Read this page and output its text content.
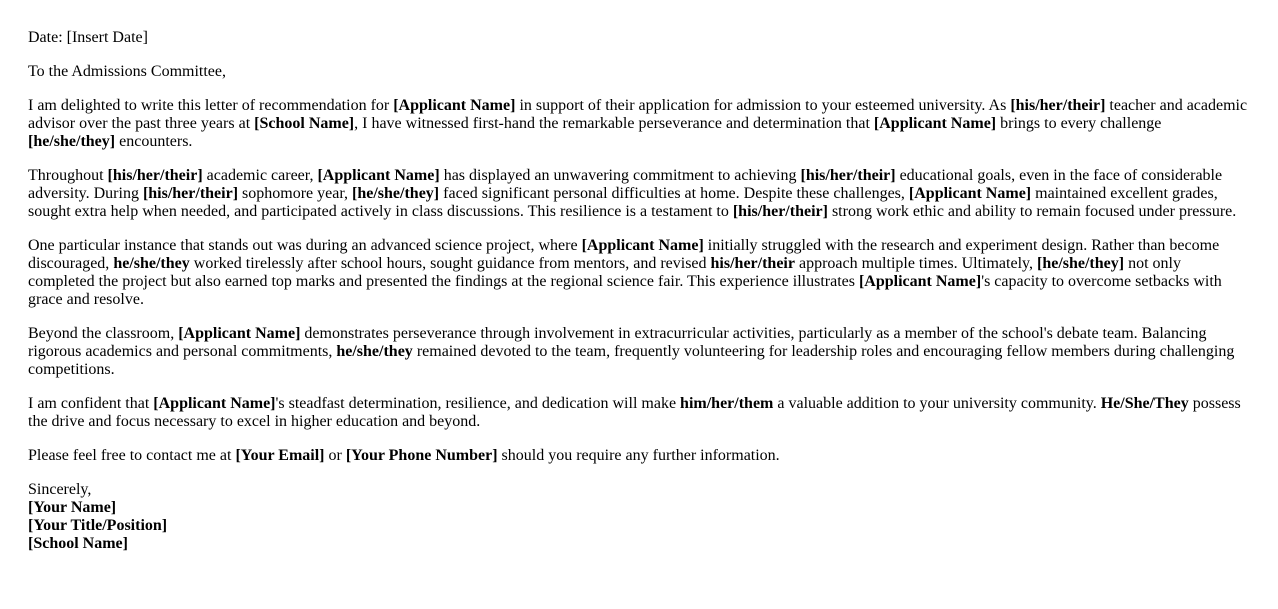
Date: [Insert Date]

To the Admissions Committee,

I am delighted to write this letter of recommendation for [Applicant Name] in support of their application for admission to your esteemed university. As [his/her/their] teacher and academic advisor over the past three years at [School Name], I have witnessed first-hand the remarkable perseverance and determination that [Applicant Name] brings to every challenge [he/she/they] encounters.

Throughout [his/her/their] academic career, [Applicant Name] has displayed an unwavering commitment to achieving [his/her/their] educational goals, even in the face of considerable adversity. During [his/her/their] sophomore year, [he/she/they] faced significant personal difficulties at home. Despite these challenges, [Applicant Name] maintained excellent grades, sought extra help when needed, and participated actively in class discussions. This resilience is a testament to [his/her/their] strong work ethic and ability to remain focused under pressure.

One particular instance that stands out was during an advanced science project, where [Applicant Name] initially struggled with the research and experiment design. Rather than become discouraged, he/she/they worked tirelessly after school hours, sought guidance from mentors, and revised his/her/their approach multiple times. Ultimately, [he/she/they] not only completed the project but also earned top marks and presented the findings at the regional science fair. This experience illustrates [Applicant Name]'s capacity to overcome setbacks with grace and resolve.

Beyond the classroom, [Applicant Name] demonstrates perseverance through involvement in extracurricular activities, particularly as a member of the school's debate team. Balancing rigorous academics and personal commitments, he/she/they remained devoted to the team, frequently volunteering for leadership roles and encouraging fellow members during challenging competitions.

I am confident that [Applicant Name]'s steadfast determination, resilience, and dedication will make him/her/them a valuable addition to your university community. He/She/They possess the drive and focus necessary to excel in higher education and beyond.

Please feel free to contact me at [Your Email] or [Your Phone Number] should you require any further information.

Sincerely,
[Your Name]
[Your Title/Position]
[School Name]
